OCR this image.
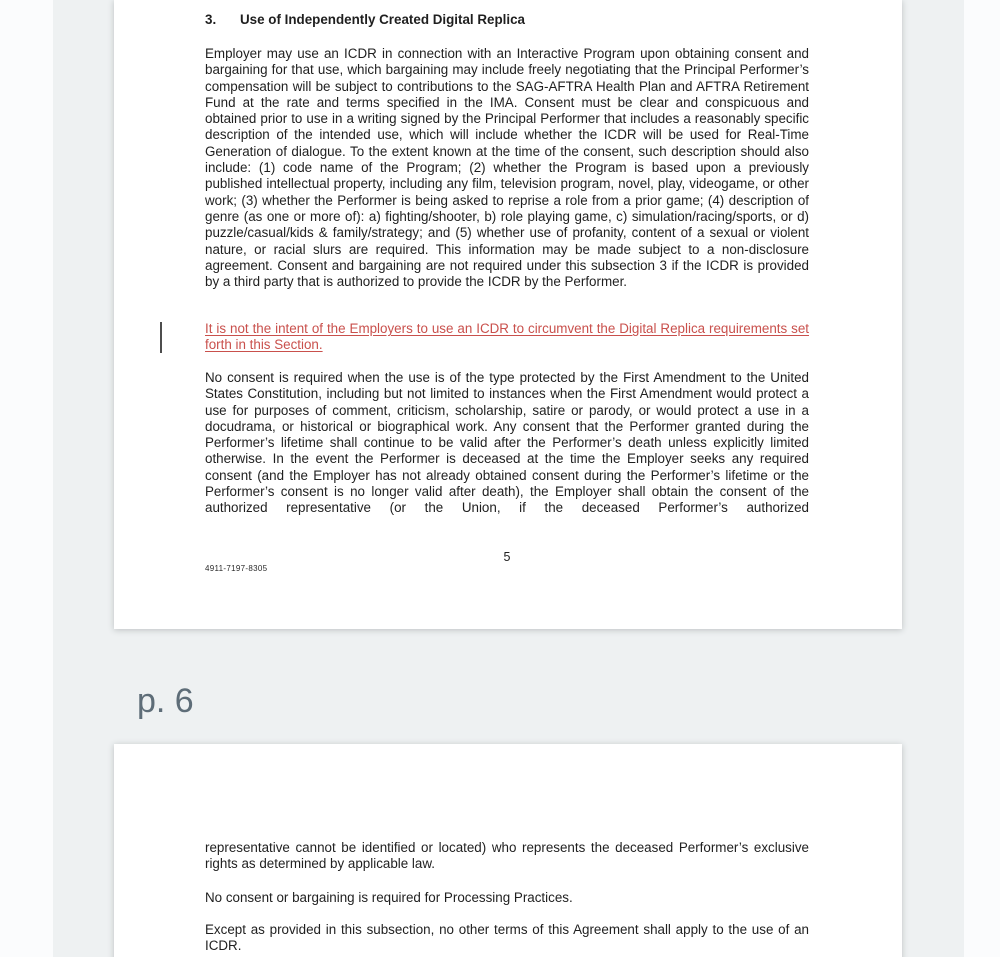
3. Use of Independently Created Digital Replica

Employer may use an ICDR in connection with an Interactive Program upon obtaining consent and bargaining for that use, which bargaining may include freely negotiating that the Principal Performer’s compensation will be subject to contributions to the SAG-AFTRA Health Plan and AFTRA Retirement Fund at the rate and terms specified in the IMA. Consent must be clear and conspicuous and obtained prior to use in a writing signed by the Principal Performer that includes a reasonably specific description of the intended use, which will include whether the ICDR will be used for Real-Time Generation of dialogue. To the extent known at the time of the consent, such description should also include: (1) code name of the Program; (2) whether the Program is based upon a previously published intellectual property, including any film, television program, novel, play, videogame, or other work; (3) whether the Performer is being asked to reprise a role from a prior game; (4) description of genre (as one or more of): a) fighting/shooter, b) role playing game, c) simulation/racing/sports, or d) puzzle/casual/kids & family/strategy; and (5) whether use of profanity, content of a sexual or violent nature, or racial slurs are required. This information may be made subject to a non-disclosure agreement. Consent and bargaining are not required under this subsection 3 if the ICDR is provided by a third party that is authorized to provide the ICDR by the Performer.

It is not the intent of the Employers to use an ICDR to circumvent the Digital Replica requirements set forth in this Section.

No consent is required when the use is of the type protected by the First Amendment to the United States Constitution, including but not limited to instances when the First Amendment would protect a use for purposes of comment, criticism, scholarship, satire or parody, or would protect a use in a docudrama, or historical or biographical work. Any consent that the Performer granted during the Performer’s lifetime shall continue to be valid after the Performer’s death unless explicitly limited otherwise. In the event the Performer is deceased at the time the Employer seeks any required consent (and the Employer has not already obtained consent during the Performer’s lifetime or the Performer’s consent is no longer valid after death), the Employer shall obtain the consent of the authorized representative (or the Union, if the deceased Performer’s authorized

5
4911-7197-8305
p. 6

representative cannot be identified or located) who represents the deceased Performer’s exclusive rights as determined by applicable law.

No consent or bargaining is required for Processing Practices.

Except as provided in this subsection, no other terms of this Agreement shall apply to the use of an ICDR.
